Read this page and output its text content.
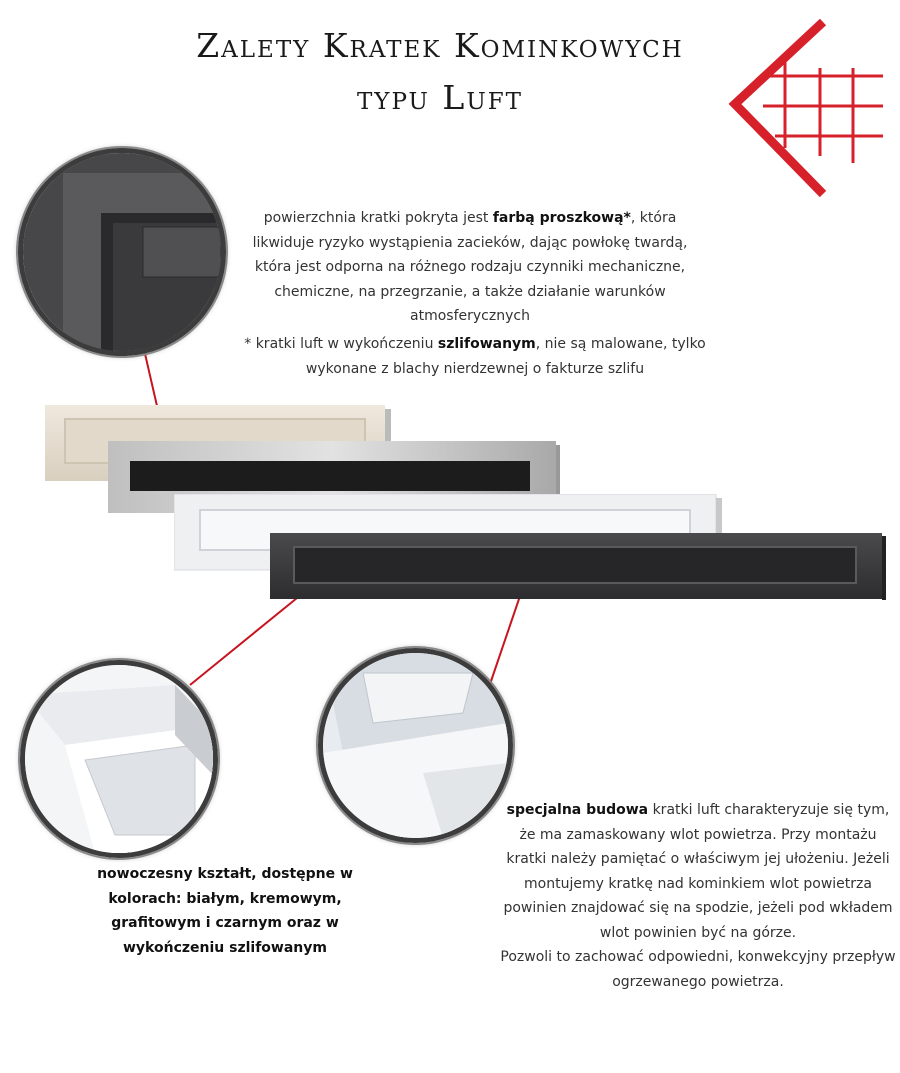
Zalety Kratek Kominkowych
typu Luft
powierzchnia kratki pokryta jest farbą proszkową*, która likwiduje ryzyko wystąpienia zacieków, dając powłokę twardą, która jest odporna na różnego rodzaju czynniki mechaniczne, chemiczne, na przegrzanie, a także działanie warunków atmosferycznych
* kratki luft w wykończeniu szlifowanym, nie są malowane, tylko wykonane z blachy nierdzewnej o fakturze szlifu
specjalna budowa kratki luft charakteryzuje się tym, że ma zamaskowany wlot powietrza. Przy montażu kratki należy pamiętać o właściwym jej ułożeniu. Jeżeli montujemy kratkę nad kominkiem wlot powietrza powinien znajdować się na spodzie, jeżeli pod wkładem wlot powinien być na górze.
Pozwoli to zachować odpowiedni, konwekcyjny przepływ ogrzewanego powietrza.
nowoczesny kształt, dostępne w kolorach: białym, kremowym, grafitowym i czarnym oraz w wykończeniu szlifowanym
